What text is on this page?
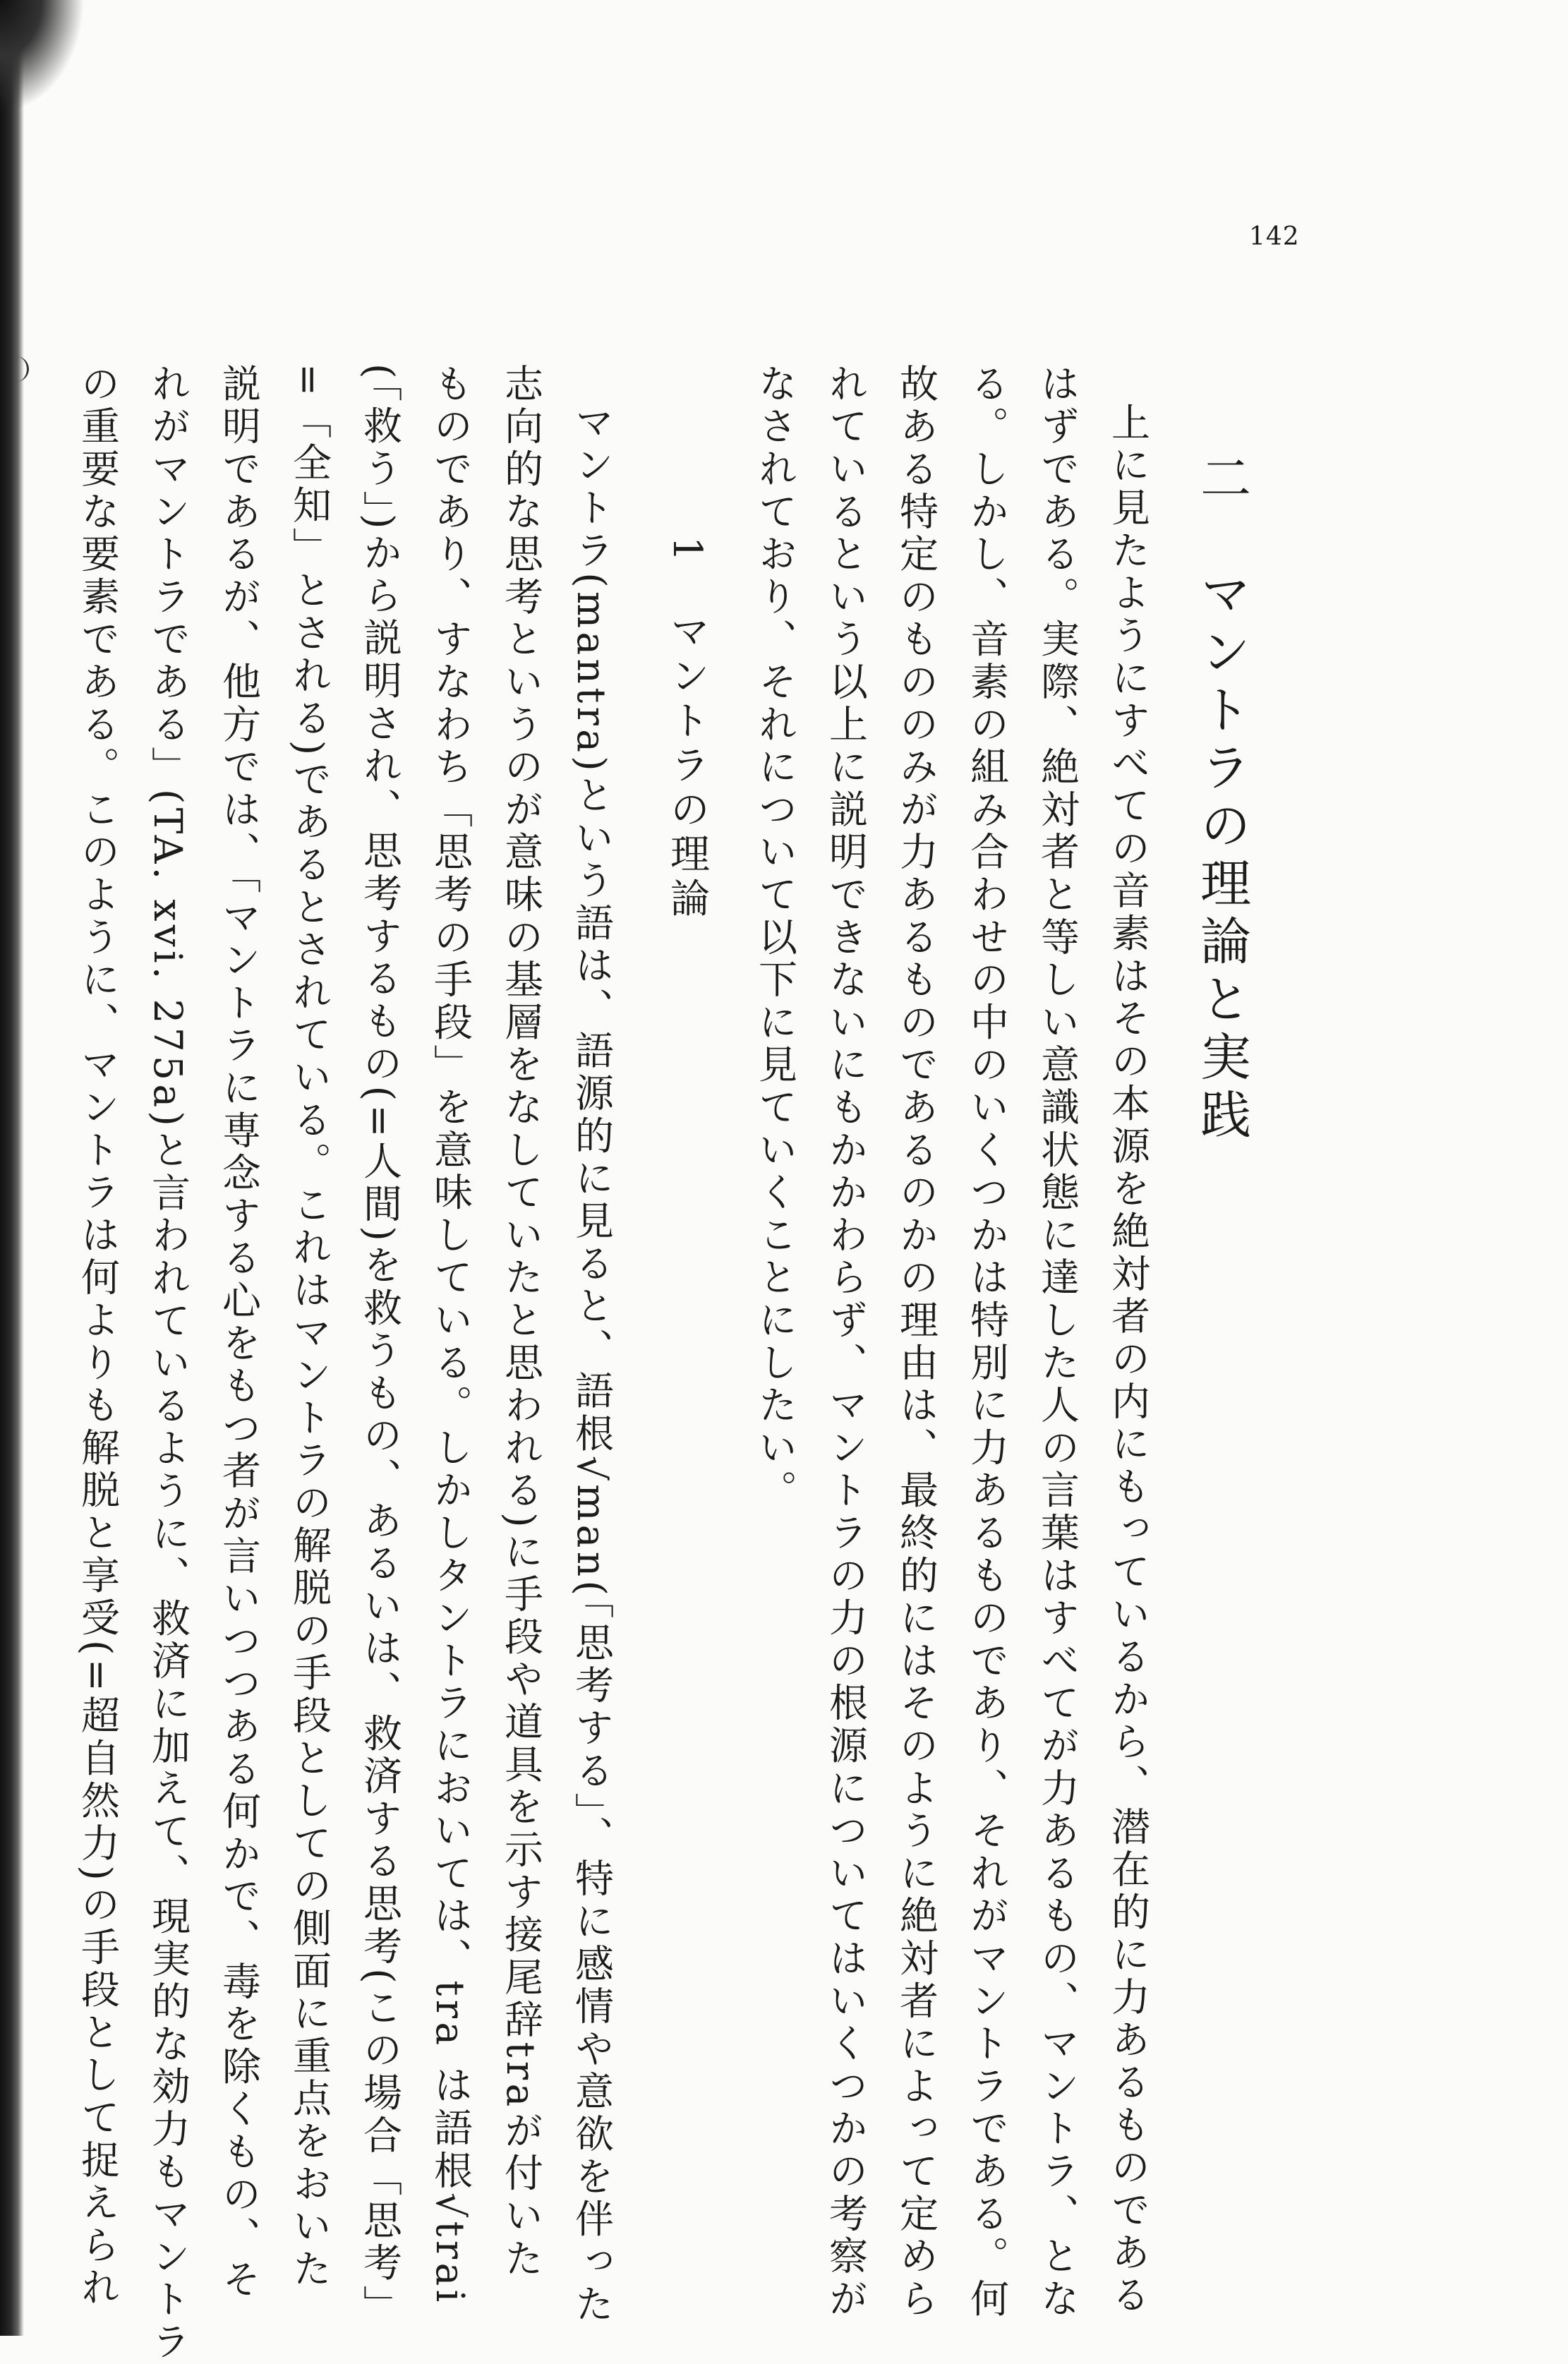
142
二　マントラの理論と実践
上に見たようにすべての音素はその本源を絶対者の内にもっているから、潜在的に力あるものである
はずである。実際、絶対者と等しい意識状態に達した人の言葉はすべてが力あるもの、マントラ、とな
る。しかし、音素の組み合わせの中のいくつかは特別に力あるものであり、それがマントラである。何
故ある特定のもののみが力あるものであるのかの理由は、最終的にはそのように絶対者によって定めら
れているという以上に説明できないにもかかわらず、マントラの力の根源についてはいくつかの考察が
なされており、それについて以下に見ていくことにしたい。
1　マントラの理論
マントラ(mantra)という語は、語源的に見ると、語根√man(「思考する」、特に感情や意欲を伴った
志向的な思考というのが意味の基層をなしていたと思われる)に手段や道具を示す接尾辞traが付いた
ものであり、すなわち「思考の手段」を意味している。しかしタントラにおいては、tra は語根√trai
(「救う」)から説明され、思考するもの(=人間)を救うもの、あるいは、救済する思考(この場合「思考」
=「全知」とされる)であるとされている。これはマントラの解脱の手段としての側面に重点をおいた
説明であるが、他方では、「マントラに専念する心をもつ者が言いつつある何かで、毒を除くもの、そ
れがマントラである」(TA. xvi. 275a)と言われているように、救済に加えて、現実的な効力もマントラ
の重要な要素である。このように、マントラは何よりも解脱と享受(=超自然力)の手段として捉えられ
